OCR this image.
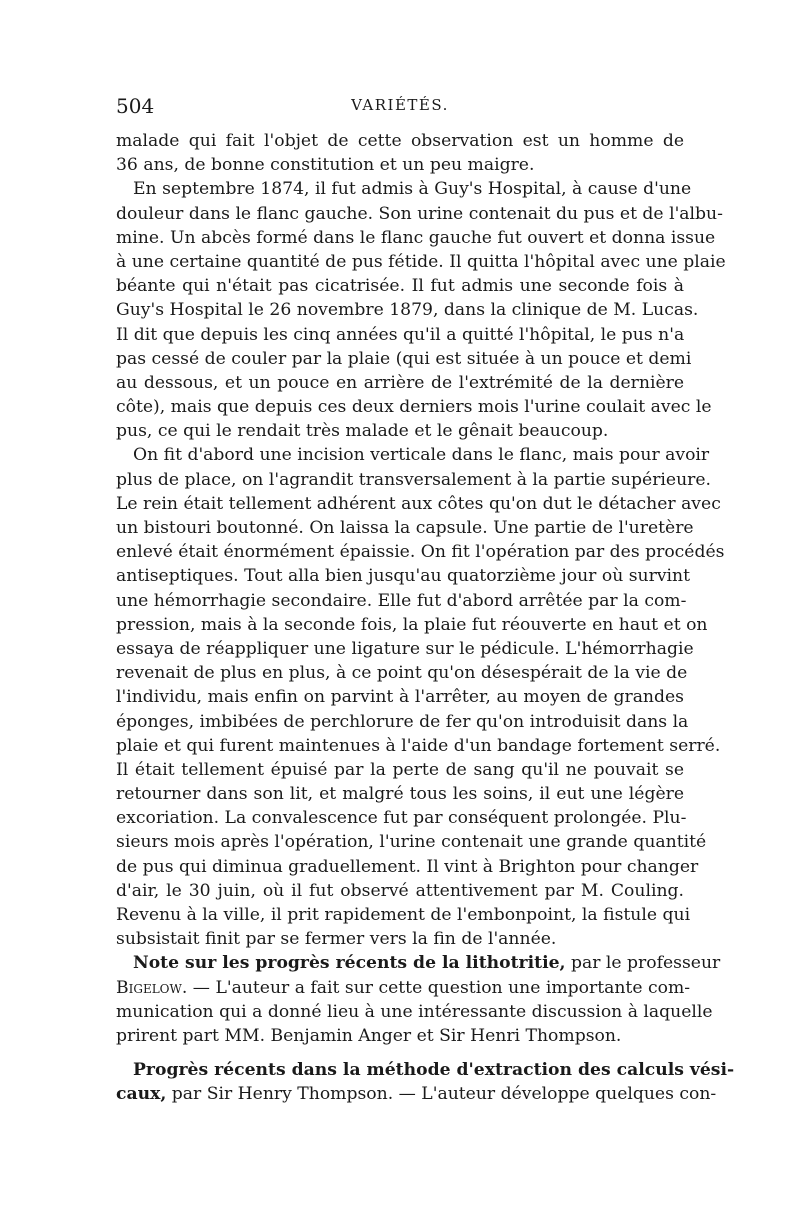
504	VARIÉTÉS.
malade qui fait l'objet de cette observation est un homme de
36 ans, de bonne constitution et un peu maigre.
En septembre 1874, il fut admis à Guy's Hospital, à cause d'une
douleur dans le flanc gauche. Son urine contenait du pus et de l'albu-
mine. Un abcès formé dans le flanc gauche fut ouvert et donna issue
à une certaine quantité de pus fétide. Il quitta l'hôpital avec une plaie
béante qui n'était pas cicatrisée. Il fut admis une seconde fois à
Guy's Hospital le 26 novembre 1879, dans la clinique de M. Lucas.
Il dit que depuis les cinq années qu'il a quitté l'hôpital, le pus n'a
pas cessé de couler par la plaie (qui est située à un pouce et demi
au dessous, et un pouce en arrière de l'extrémité de la dernière
côte), mais que depuis ces deux derniers mois l'urine coulait avec le
pus, ce qui le rendait très malade et le gênait beaucoup.
On fit d'abord une incision verticale dans le flanc, mais pour avoir
plus de place, on l'agrandit transversalement à la partie supérieure.
Le rein était tellement adhérent aux côtes qu'on dut le détacher avec
un bistouri boutonné. On laissa la capsule. Une partie de l'uretère
enlevé était énormément épaissie. On fit l'opération par des procédés
antiseptiques. Tout alla bien jusqu'au quatorzième jour où survint
une hémorrhagie secondaire. Elle fut d'abord arrêtée par la com-
pression, mais à la seconde fois, la plaie fut réouverte en haut et on
essaya de réappliquer une ligature sur le pédicule. L'hémorrhagie
revenait de plus en plus, à ce point qu'on désespérait de la vie de
l'individu, mais enfin on parvint à l'arrêter, au moyen de grandes
éponges, imbibées de perchlorure de fer qu'on introduisit dans la
plaie et qui furent maintenues à l'aide d'un bandage fortement serré.
Il était tellement épuisé par la perte de sang qu'il ne pouvait se
retourner dans son lit, et malgré tous les soins, il eut une légère
excoriation. La convalescence fut par conséquent prolongée. Plu-
sieurs mois après l'opération, l'urine contenait une grande quantité
de pus qui diminua graduellement. Il vint à Brighton pour changer
d'air, le 30 juin, où il fut observé attentivement par M. Couling.
Revenu à la ville, il prit rapidement de l'embonpoint, la fistule qui
subsistait finit par se fermer vers la fin de l'année.
Note sur les progrès récents de la lithotritie, par le professeur
Bigelow. — L'auteur a fait sur cette question une importante com-
munication qui a donné lieu à une intéressante discussion à laquelle
prirent part MM. Benjamin Anger et Sir Henri Thompson.
Progrès récents dans la méthode d'extraction des calculs vési-
caux, par Sir Henry Thompson. — L'auteur développe quelques con-
